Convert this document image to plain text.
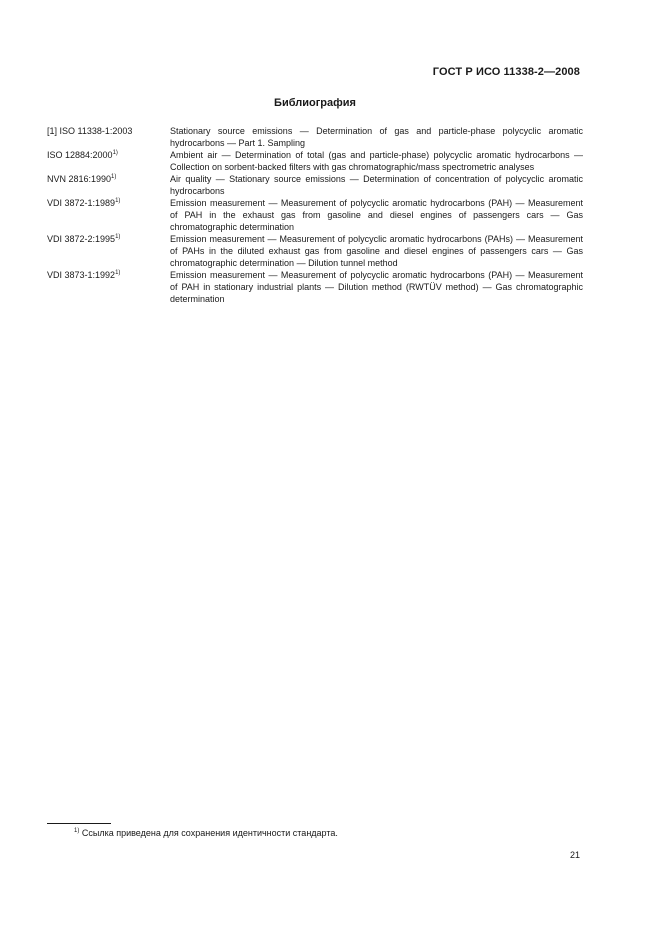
ГОСТ Р ИСО 11338-2—2008
Библиография
[1] ISO 11338-1:2003	Stationary source emissions — Determination of gas and particle-phase polycyclic aromatic hydrocarbons — Part 1. Sampling
ISO 12884:2000$^{1)}$	Ambient air — Determination of total (gas and particle-phase) polycyclic aromatic hydrocarbons — Collection on sorbent-backed filters with gas chromatographic/mass spectrometric analyses
NVN 2816:1990$^{1)}$	Air quality — Stationary source emissions — Determination of concentration of polycyclic aromatic hydrocarbons
VDI 3872-1:1989$^{1)}$	Emission measurement — Measurement of polycyclic aromatic hydrocarbons (PAH) — Measurement of PAH in the exhaust gas from gasoline and diesel engines of passengers cars — Gas chromatographic determination
VDI 3872-2:1995$^{1)}$	Emission measurement — Measurement of polycyclic aromatic hydrocarbons (PAHs) — Measurement of PAHs in the diluted exhaust gas from gasoline and diesel engines of passengers cars — Gas chromatographic determination — Dilution tunnel method
VDI 3873-1:1992$^{1)}$	Emission measurement — Measurement of polycyclic aromatic hydrocarbons (PAH) — Measurement of PAH in stationary industrial plants — Dilution method (RWTÜV method) — Gas chromatographic determination
$^{1)}$ Ссылка приведена для сохранения идентичности стандарта.
21
